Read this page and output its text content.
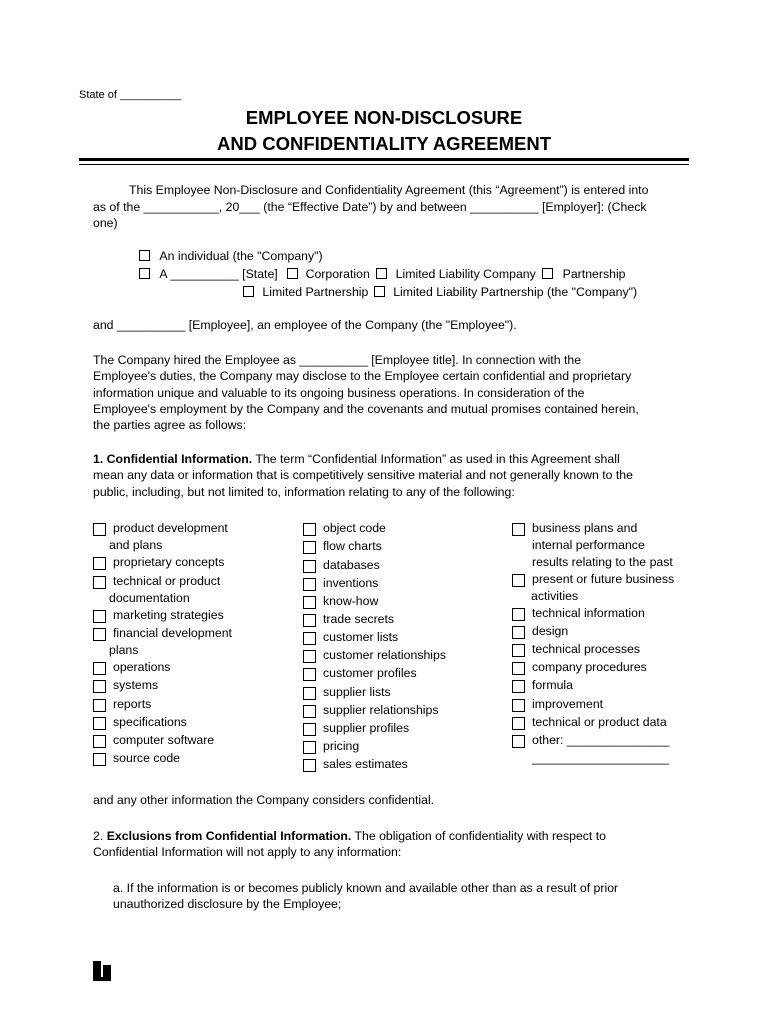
State of __________
EMPLOYEE NON-DISCLOSURE
AND CONFIDENTIALITY AGREEMENT
This Employee Non-Disclosure and Confidentiality Agreement (this “Agreement”) is entered into
as of the ___________, 20___ (the “Effective Date”) by and between __________ [Employer]: (Check
one)
An individual (the "Company")
A __________ [State] Corporation Limited Liability Company Partnership
Limited Partnership Limited Liability Partnership (the "Company")
and __________ [Employee], an employee of the Company (the "Employee").

The Company hired the Employee as __________ [Employee title]. In connection with the

Employee's duties, the Company may disclose to the Employee certain confidential and proprietary

information unique and valuable to its ongoing business operations. In consideration of the

Employee's employment by the Company and the covenants and mutual promises contained herein,

the parties agree as follows:

1. Confidential Information. The term “Confidential Information” as used in this Agreement shall

mean any data or information that is competitively sensitive material and not generally known to the

public, including, but not limited to, information relating to any of the following:

product development
and plans
proprietary concepts
technical or product
documentation
marketing strategies
financial development
plans
operations
systems
reports
specifications
computer software
source code
object code
flow charts
databases
inventions
know-how
trade secrets
customer lists
customer relationships
customer profiles
supplier lists
supplier relationships
supplier profiles
pricing
sales estimates
business plans and
internal performance
results relating to the past
present or future business
activities
technical information
design
technical processes
company procedures
formula
improvement
technical or product data
other: _______________
____________________
and any other information the Company considers confidential.

2. Exclusions from Confidential Information. The obligation of confidentiality with respect to

Confidential Information will not apply to any information:

a. If the information is or becomes publicly known and available other than as a result of prior

unauthorized disclosure by the Employee;
